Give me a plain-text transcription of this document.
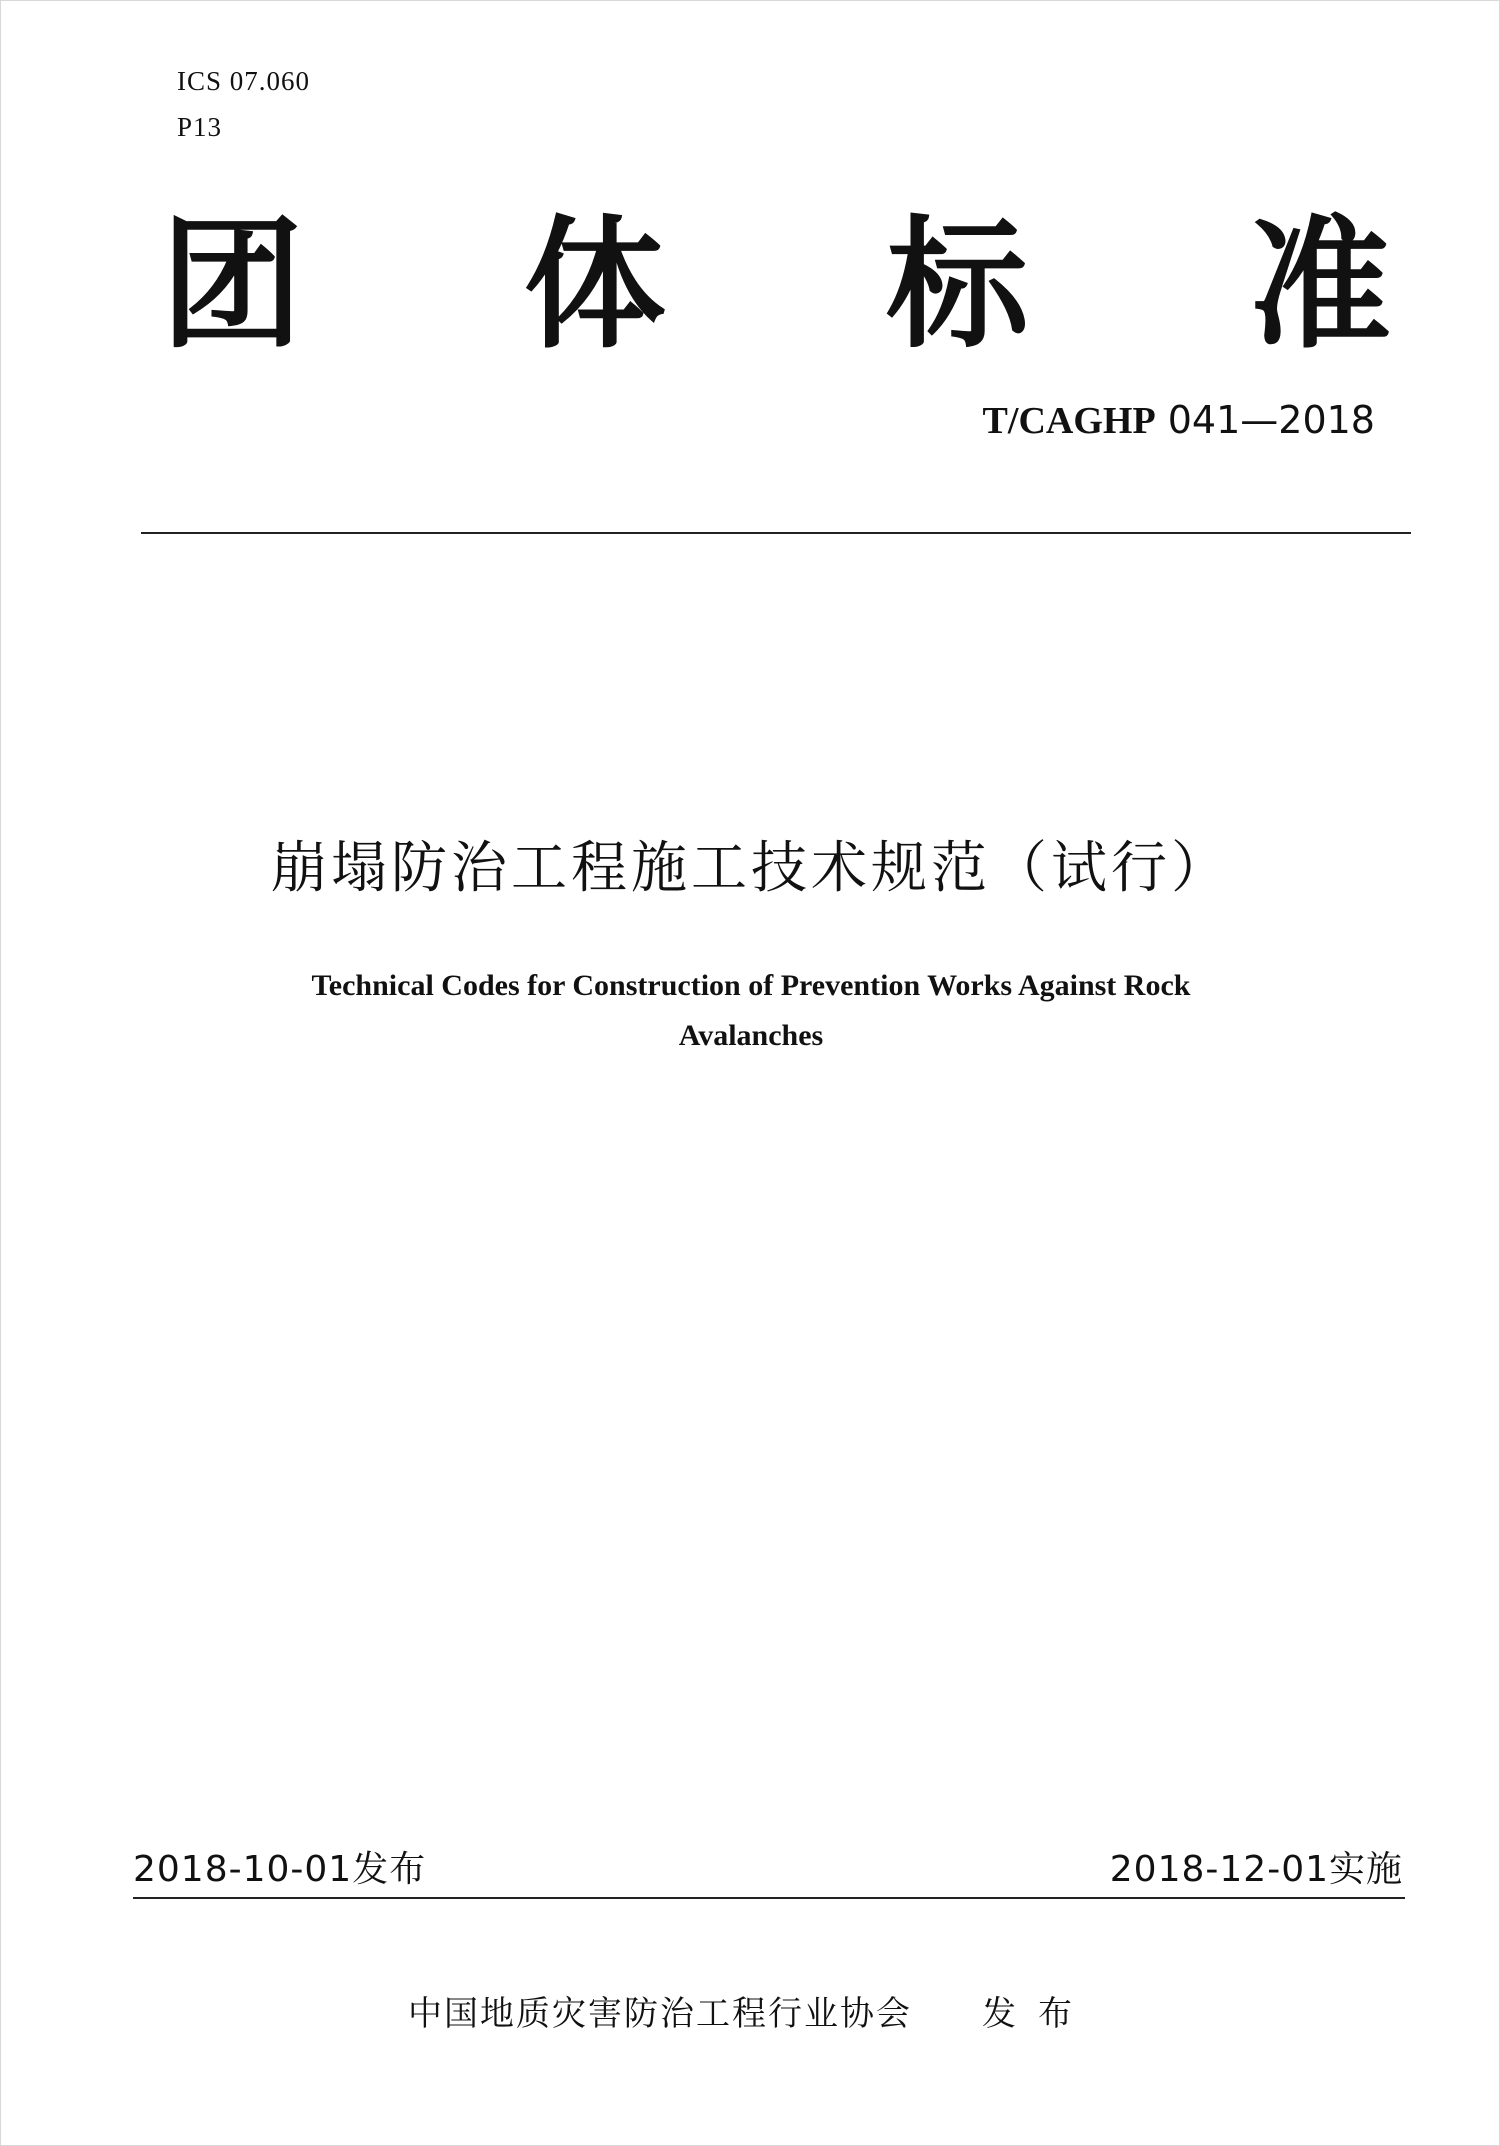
ICS 07.060
P13
团 体 标 准
T/CAGHP 041—2018
崩塌防治工程施工技术规范（试行）
Technical Codes for Construction of Prevention Works Against Rock
Avalanches
2018-10-01发布	2018-12-01实施
中国地质灾害防治工程行业协会 发布
